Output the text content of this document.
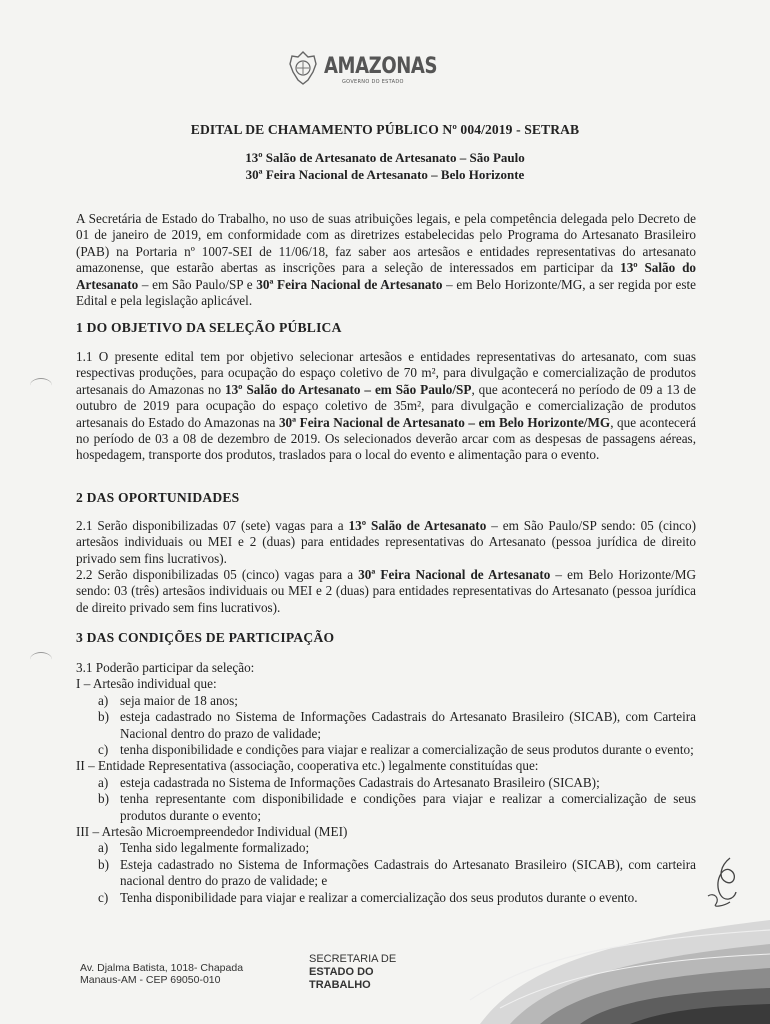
AMAZONAS
GOVERNO DO ESTADO
EDITAL DE CHAMAMENTO PÚBLICO Nº 004/2019 - SETRAB
13º Salão de Artesanato de Artesanato – São Paulo
30ª Feira Nacional de Artesanato – Belo Horizonte
A Secretária de Estado do Trabalho, no uso de suas atribuições legais, e pela competência delegada pelo Decreto de 01 de janeiro de 2019, em conformidade com as diretrizes estabelecidas pelo Programa do Artesanato Brasileiro (PAB) na Portaria nº 1007-SEI de 11/06/18, faz saber aos artesãos e entidades representativas do artesanato amazonense, que estarão abertas as inscrições para a seleção de interessados em participar da 13º Salão do Artesanato – em São Paulo/SP e 30ª Feira Nacional de Artesanato – em Belo Horizonte/MG, a ser regida por este Edital e pela legislação aplicável.
1 DO OBJETIVO DA SELEÇÃO PÚBLICA
1.1 O presente edital tem por objetivo selecionar artesãos e entidades representativas do artesanato, com suas respectivas produções, para ocupação do espaço coletivo de 70 m², para divulgação e comercialização de produtos artesanais do Amazonas no 13º Salão do Artesanato – em São Paulo/SP, que acontecerá no período de 09 a 13 de outubro de 2019 para ocupação do espaço coletivo de 35m², para divulgação e comercialização de produtos artesanais do Estado do Amazonas na 30ª Feira Nacional de Artesanato – em Belo Horizonte/MG, que acontecerá no período de 03 a 08 de dezembro de 2019. Os selecionados deverão arcar com as despesas de passagens aéreas, hospedagem, transporte dos produtos, traslados para o local do evento e alimentação para o evento.
2 DAS OPORTUNIDADES
2.1 Serão disponibilizadas 07 (sete) vagas para a 13º Salão de Artesanato – em São Paulo/SP sendo: 05 (cinco) artesãos individuais ou MEI e 2 (duas) para entidades representativas do Artesanato (pessoa jurídica de direito privado sem fins lucrativos).
2.2 Serão disponibilizadas 05 (cinco) vagas para a 30ª Feira Nacional de Artesanato – em Belo Horizonte/MG sendo: 03 (três) artesãos individuais ou MEI e 2 (duas) para entidades representativas do Artesanato (pessoa jurídica de direito privado sem fins lucrativos).
3 DAS CONDIÇÕES DE PARTICIPAÇÃO
3.1 Poderão participar da seleção:
I – Artesão individual que:
a) seja maior de 18 anos;
b) esteja cadastrado no Sistema de Informações Cadastrais do Artesanato Brasileiro (SICAB), com Carteira Nacional dentro do prazo de validade;
c) tenha disponibilidade e condições para viajar e realizar a comercialização de seus produtos durante o evento;
II – Entidade Representativa (associação, cooperativa etc.) legalmente constituídas que:
a) esteja cadastrada no Sistema de Informações Cadastrais do Artesanato Brasileiro (SICAB);
b) tenha representante com disponibilidade e condições para viajar e realizar a comercialização de seus produtos durante o evento;
III – Artesão Microempreendedor Individual (MEI)
a) Tenha sido legalmente formalizado;
b) Esteja cadastrado no Sistema de Informações Cadastrais do Artesanato Brasileiro (SICAB), com carteira nacional dentro do prazo de validade; e
c) Tenha disponibilidade para viajar e realizar a comercialização dos seus produtos durante o evento.
Av. Djalma Batista, 1018- Chapada
Manaus-AM - CEP 69050-010
SECRETARIA DE
ESTADO DO
TRABALHO
